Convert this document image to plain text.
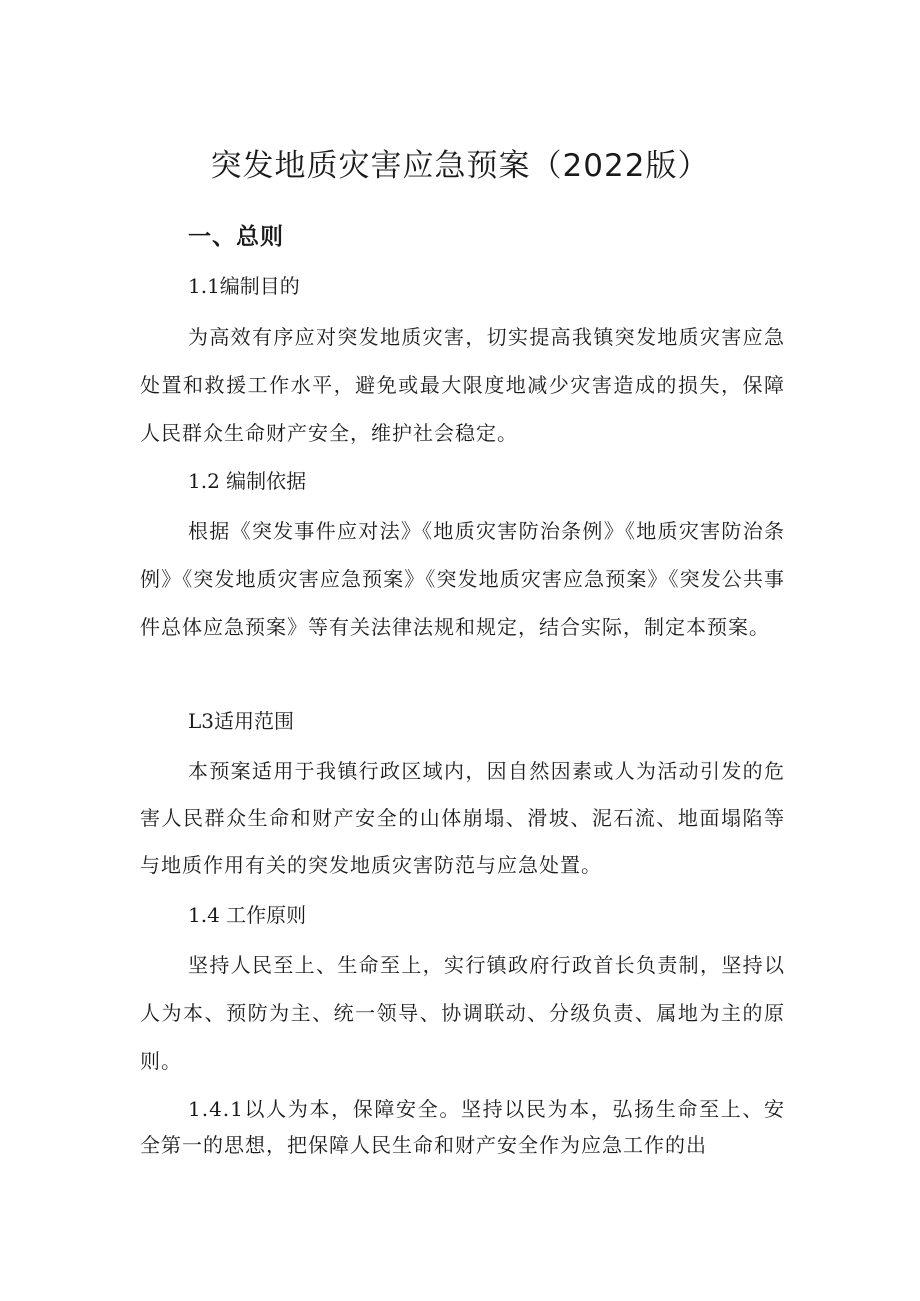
突发地质灾害应急预案（2022版）
一、总则

1.1编制目的

为高效有序应对突发地质灾害，切实提高我镇突发地质灾害应急处置和救援工作水平，避免或最大限度地减少灾害造成的损失，保障人民群众生命财产安全，维护社会稳定。

1.2 编制依据

根据《突发事件应对法》《地质灾害防治条例》《地质灾害防治条例》《突发地质灾害应急预案》《突发地质灾害应急预案》《突发公共事件总体应急预案》等有关法律法规和规定，结合实际，制定本预案。

L3适用范围

本预案适用于我镇行政区域内，因自然因素或人为活动引发的危害人民群众生命和财产安全的山体崩塌、滑坡、泥石流、地面塌陷等与地质作用有关的突发地质灾害防范与应急处置。

1.4 工作原则

坚持人民至上、生命至上，实行镇政府行政首长负责制，坚持以人为本、预防为主、统一领导、协调联动、分级负责、属地为主的原则。

1.4.1以人为本，保障安全。坚持以民为本，弘扬生命至上、安全第一的思想，把保障人民生命和财产安全作为应急工作的出
